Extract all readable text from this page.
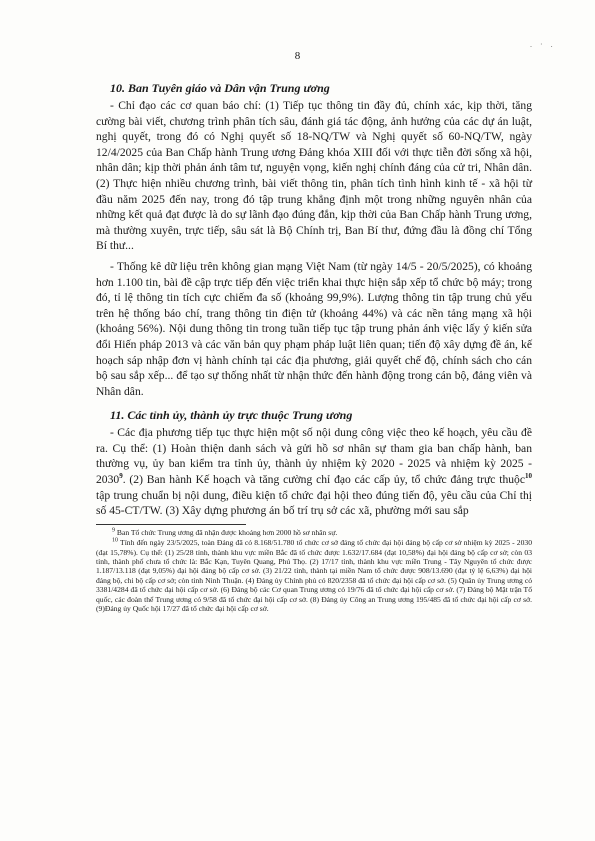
. · .
8
10. Ban Tuyên giáo và Dân vận Trung ương

- Chỉ đạo các cơ quan báo chí: (1) Tiếp tục thông tin đầy đủ, chính xác, kịp thời, tăng cường bài viết, chương trình phân tích sâu, đánh giá tác động, ảnh hưởng của các dự án luật, nghị quyết, trong đó có Nghị quyết số 18-NQ/TW và Nghị quyết số 60-NQ/TW, ngày 12/4/2025 của Ban Chấp hành Trung ương Đảng khóa XIII đối với thực tiễn đời sống xã hội, nhân dân; kịp thời phản ánh tâm tư, nguyện vọng, kiến nghị chính đáng của cử tri, Nhân dân. (2) Thực hiện nhiều chương trình, bài viết thông tin, phân tích tình hình kinh tế - xã hội từ đầu năm 2025 đến nay, trong đó tập trung khẳng định một trong những nguyên nhân của những kết quả đạt được là do sự lãnh đạo đúng đắn, kịp thời của Ban Chấp hành Trung ương, mà thường xuyên, trực tiếp, sâu sát là Bộ Chính trị, Ban Bí thư, đứng đầu là đồng chí Tổng Bí thư...

- Thống kê dữ liệu trên không gian mạng Việt Nam (từ ngày 14/5 - 20/5/2025), có khoảng hơn 1.100 tin, bài đề cập trực tiếp đến việc triển khai thực hiện sắp xếp tổ chức bộ máy; trong đó, tỉ lệ thông tin tích cực chiếm đa số (khoảng 99,9%). Lượng thông tin tập trung chủ yếu trên hệ thống báo chí, trang thông tin điện tử (khoảng 44%) và các nền tảng mạng xã hội (khoảng 56%). Nội dung thông tin trong tuần tiếp tục tập trung phản ánh việc lấy ý kiến sửa đổi Hiến pháp 2013 và các văn bản quy phạm pháp luật liên quan; tiến độ xây dựng đề án, kế hoạch sáp nhập đơn vị hành chính tại các địa phương, giải quyết chế độ, chính sách cho cán bộ sau sắp xếp... để tạo sự thống nhất từ nhận thức đến hành động trong cán bộ, đảng viên và Nhân dân.

11. Các tỉnh ủy, thành ủy trực thuộc Trung ương

- Các địa phương tiếp tục thực hiện một số nội dung công việc theo kế hoạch, yêu cầu đề ra. Cụ thể: (1) Hoàn thiện danh sách và gửi hồ sơ nhân sự tham gia ban chấp hành, ban thường vụ, ủy ban kiểm tra tỉnh ủy, thành ủy nhiệm kỳ 2020 - 2025 và nhiệm kỳ 2025 - 2030$^9$. (2) Ban hành Kế hoạch và tăng cường chỉ đạo các cấp ủy, tổ chức đảng trực thuộc$^{10}$ tập trung chuẩn bị nội dung, điều kiện tổ chức đại hội theo đúng tiến độ, yêu cầu của Chỉ thị số 45-CT/TW. (3) Xây dựng phương án bố trí trụ sở các xã, phường mới sau sắp

$^9$ Ban Tổ chức Trung ương đã nhận được khoảng hơn 2000 hồ sơ nhân sự.

$^{10}$ Tính đến ngày 23/5/2025, toàn Đảng đã có 8.168/51.780 tổ chức cơ sở đảng tổ chức đại hội đảng bộ cấp cơ sở nhiệm kỳ 2025 - 2030 (đạt 15,78%). Cụ thể: (1) 25/28 tỉnh, thành khu vực miền Bắc đã tổ chức được 1.632/17.684 (đạt 10,58%) đại hội đảng bộ cấp cơ sở; còn 03 tỉnh, thành phố chưa tổ chức là: Bắc Kạn, Tuyên Quang, Phú Thọ. (2) 17/17 tỉnh, thành khu vực miền Trung - Tây Nguyên tổ chức được 1.187/13.118 (đạt 9,05%) đại hội đảng bộ cấp cơ sở. (3) 21/22 tỉnh, thành tại miền Nam tổ chức được 908/13.690 (đạt tỷ lệ 6,63%) đại hội đảng bộ, chi bộ cấp cơ sở; còn tỉnh Ninh Thuận. (4) Đảng ủy Chính phủ có 820/2358 đã tổ chức đại hội cấp cơ sở. (5) Quân ủy Trung ương có 3381/4284 đã tổ chức đại hội cấp cơ sở. (6) Đảng bộ các Cơ quan Trung ương có 19/76 đã tổ chức đại hội cấp cơ sở. (7) Đảng bộ Mặt trận Tổ quốc, các đoàn thể Trung ương có 9/58 đã tổ chức đại hội cấp cơ sở. (8) Đảng ủy Công an Trung ương 195/485 đã tổ chức đại hội cấp cơ sở. (9)Đảng ủy Quốc hội 17/27 đã tổ chức đại hội cấp cơ sở.
